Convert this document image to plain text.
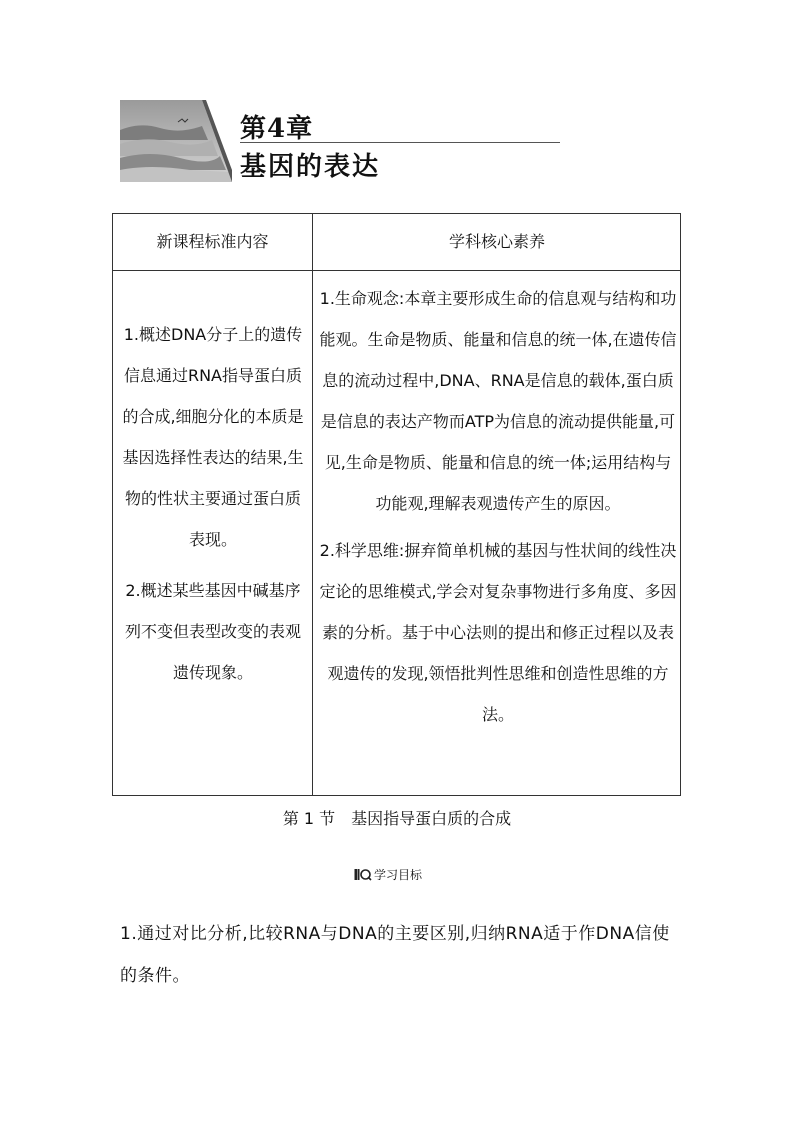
第4章
基因的表达
新课程标准内容	学科核心素养

1.概述DNA分子上的遗传信息通过RNA指导蛋白质的合成,细胞分化的本质是基因选择性表达的结果,生物的性状主要通过蛋白质表现。

2.概述某些基因中碱基序列不变但表型改变的表观遗传现象。

1.生命观念:本章主要形成生命的信息观与结构和功能观。生命是物质、能量和信息的统一体,在遗传信息的流动过程中,DNA、RNA是信息的载体,蛋白质是信息的表达产物而ATP为信息的流动提供能量,可见,生命是物质、能量和信息的统一体;运用结构与功能观,理解表观遗传产生的原因。

2.科学思维:摒弃简单机械的基因与性状间的线性决定论的思维模式,学会对复杂事物进行多角度、多因素的分析。基于中心法则的提出和修正过程以及表观遗传的发现,领悟批判性思维和创造性思维的方法。

第 1 节　基因指导蛋白质的合成
学习目标
1.通过对比分析,比较RNA与DNA的主要区别,归纳RNA适于作DNA信使的条件。
